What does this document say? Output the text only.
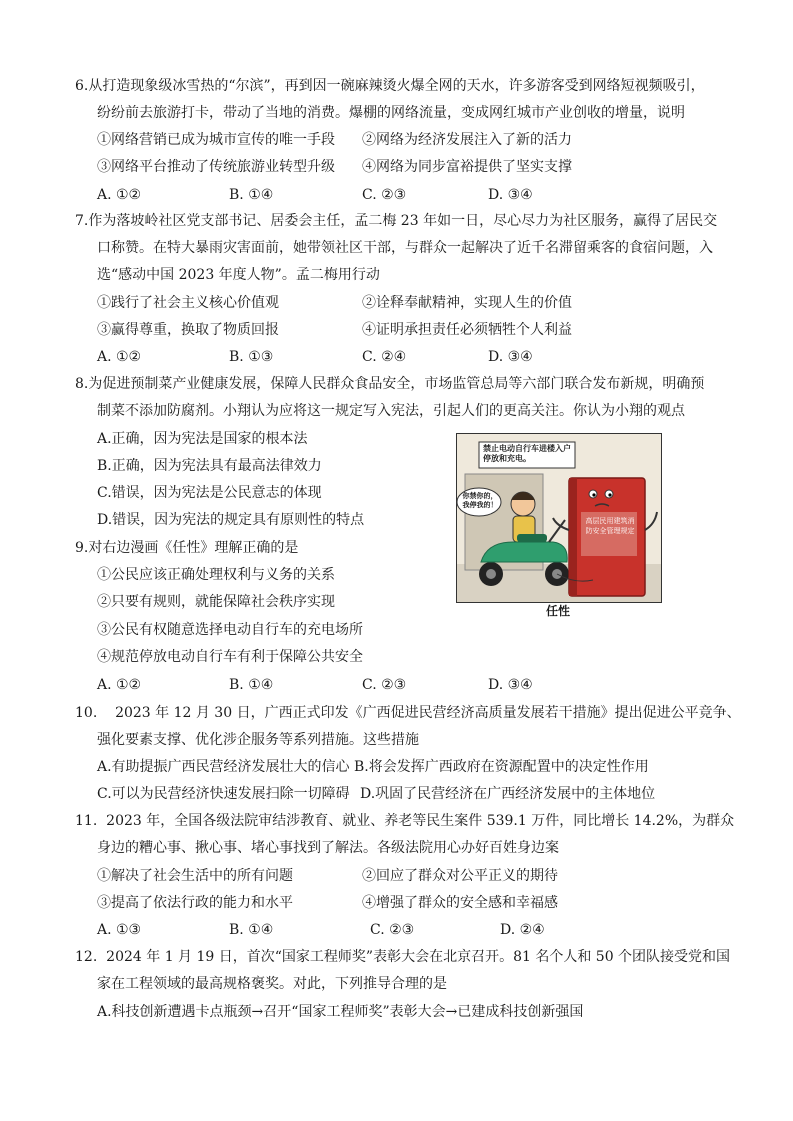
6.从打造现象级冰雪热的“尔滨”，再到因一碗麻辣烫火爆全网的天水，许多游客受到网络短视频吸引，
纷纷前去旅游打卡，带动了当地的消费。爆棚的网络流量，变成网红城市产业创收的增量，说明
①网络营销已成为城市宣传的唯一手段 ②网络为经济发展注入了新的活力
③网络平台推动了传统旅游业转型升级 ④网络为同步富裕提供了坚实支撑
A. ①②	B. ①④	C. ②③	D. ③④
7.作为落坡岭社区党支部书记、居委会主任，孟二梅 23 年如一日，尽心尽力为社区服务，赢得了居民交
口称赞。在特大暴雨灾害面前，她带领社区干部，与群众一起解决了近千名滞留乘客的食宿问题，入
选“感动中国 2023 年度人物”。孟二梅用行动
①践行了社会主义核心价值观	②诠释奉献精神，实现人生的价值
③赢得尊重，换取了物质回报	④证明承担责任必须牺牲个人利益
A. ①②	B. ①③	C. ②④	D. ③④
8.为促进预制菜产业健康发展，保障人民群众食品安全，市场监管总局等六部门联合发布新规，明确预
制菜不添加防腐剂。小翔认为应将这一规定写入宪法，引起人们的更高关注。你认为小翔的观点
A.正确，因为宪法是国家的根本法
B.正确，因为宪法具有最高法律效力
C.错误，因为宪法是公民意志的体现
D.错误，因为宪法的规定具有原则性的特点
禁止电动自行车进楼入户停放和充电。
你禁你的，我停我的！
高层民用建筑消防安全管理规定
任性
9.对右边漫画《任性》理解正确的是
①公民应该正确处理权利与义务的关系
②只要有规则，就能保障社会秩序实现
③公民有权随意选择电动自行车的充电场所
④规范停放电动自行车有利于保障公共安全
A. ①②	B. ①④	C. ②③	D. ③④
10.    2023 年 12 月 30 日，广西正式印发《广西促进民营经济高质量发展若干措施》提出促进公平竞争、
强化要素支撑、优化涉企服务等系列措施。这些措施
A.有助提振广西民营经济发展壮大的信心 B.将会发挥广西政府在资源配置中的决定性作用
C.可以为民营经济快速发展扫除一切障碍 D.巩固了民营经济在广西经济发展中的主体地位
11.  2023 年，全国各级法院审结涉教育、就业、养老等民生案件 539.1 万件，同比增长 14.2%，为群众
身边的糟心事、揪心事、堵心事找到了解法。各级法院用心办好百姓身边案
①解决了社会生活中的所有问题	②回应了群众对公平正义的期待
③提高了依法行政的能力和水平	④增强了群众的安全感和幸福感
A. ①③	B. ①④	C. ②③	D. ②④
12.  2024 年 1 月 19 日，首次“国家工程师奖”表彰大会在北京召开。81 名个人和 50 个团队接受党和国
家在工程领域的最高规格褒奖。对此，下列推导合理的是
A.科技创新遭遇卡点瓶颈→召开“国家工程师奖”表彰大会→已建成科技创新强国
